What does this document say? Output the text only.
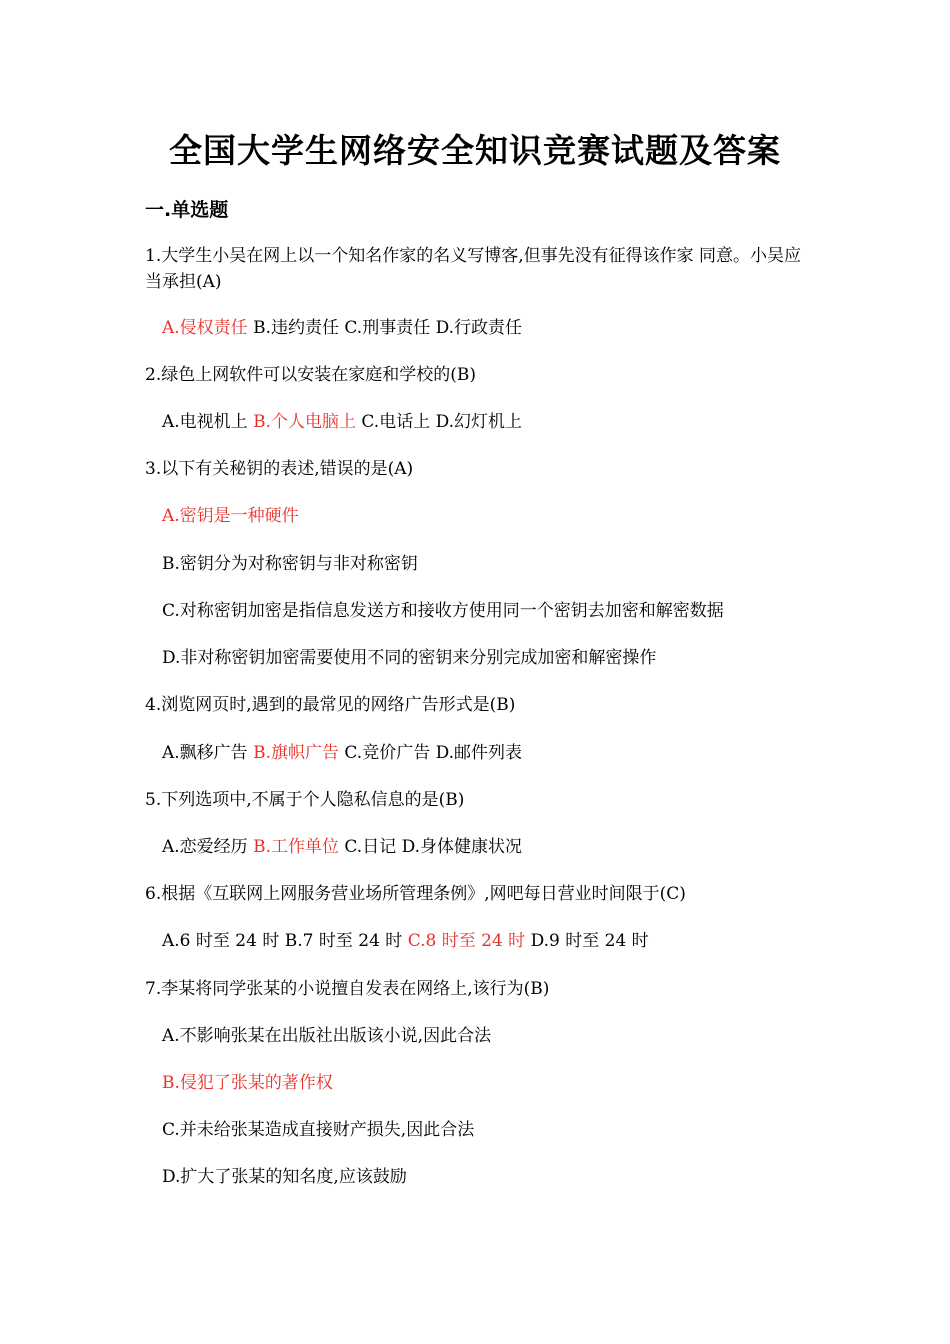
全国大学生网络安全知识竞赛试题及答案
一.单选题

1.大学生小吴在网上以一个知名作家的名义写博客,但事先没有征得该作家 同意。小吴应当承担(A)

A.侵权责任 B.违约责任 C.刑事责任 D.行政责任

2.绿色上网软件可以安装在家庭和学校的(B)

A.电视机上 B.个人电脑上 C.电话上 D.幻灯机上

3.以下有关秘钥的表述,错误的是(A)

A.密钥是一种硬件

B.密钥分为对称密钥与非对称密钥

C.对称密钥加密是指信息发送方和接收方使用同一个密钥去加密和解密数据

D.非对称密钥加密需要使用不同的密钥来分别完成加密和解密操作

4.浏览网页时,遇到的最常见的网络广告形式是(B)

A.飘移广告 B.旗帜广告 C.竞价广告 D.邮件列表

5.下列选项中,不属于个人隐私信息的是(B)

A.恋爱经历 B.工作单位 C.日记 D.身体健康状况

6.根据《互联网上网服务营业场所管理条例》,网吧每日营业时间限于(C)

A.6 时至 24 时 B.7 时至 24 时 C.8 时至 24 时 D.9 时至 24 时

7.李某将同学张某的小说擅自发表在网络上,该行为(B)

A.不影响张某在出版社出版该小说,因此合法

B.侵犯了张某的著作权

C.并未给张某造成直接财产损失,因此合法

D.扩大了张某的知名度,应该鼓励
